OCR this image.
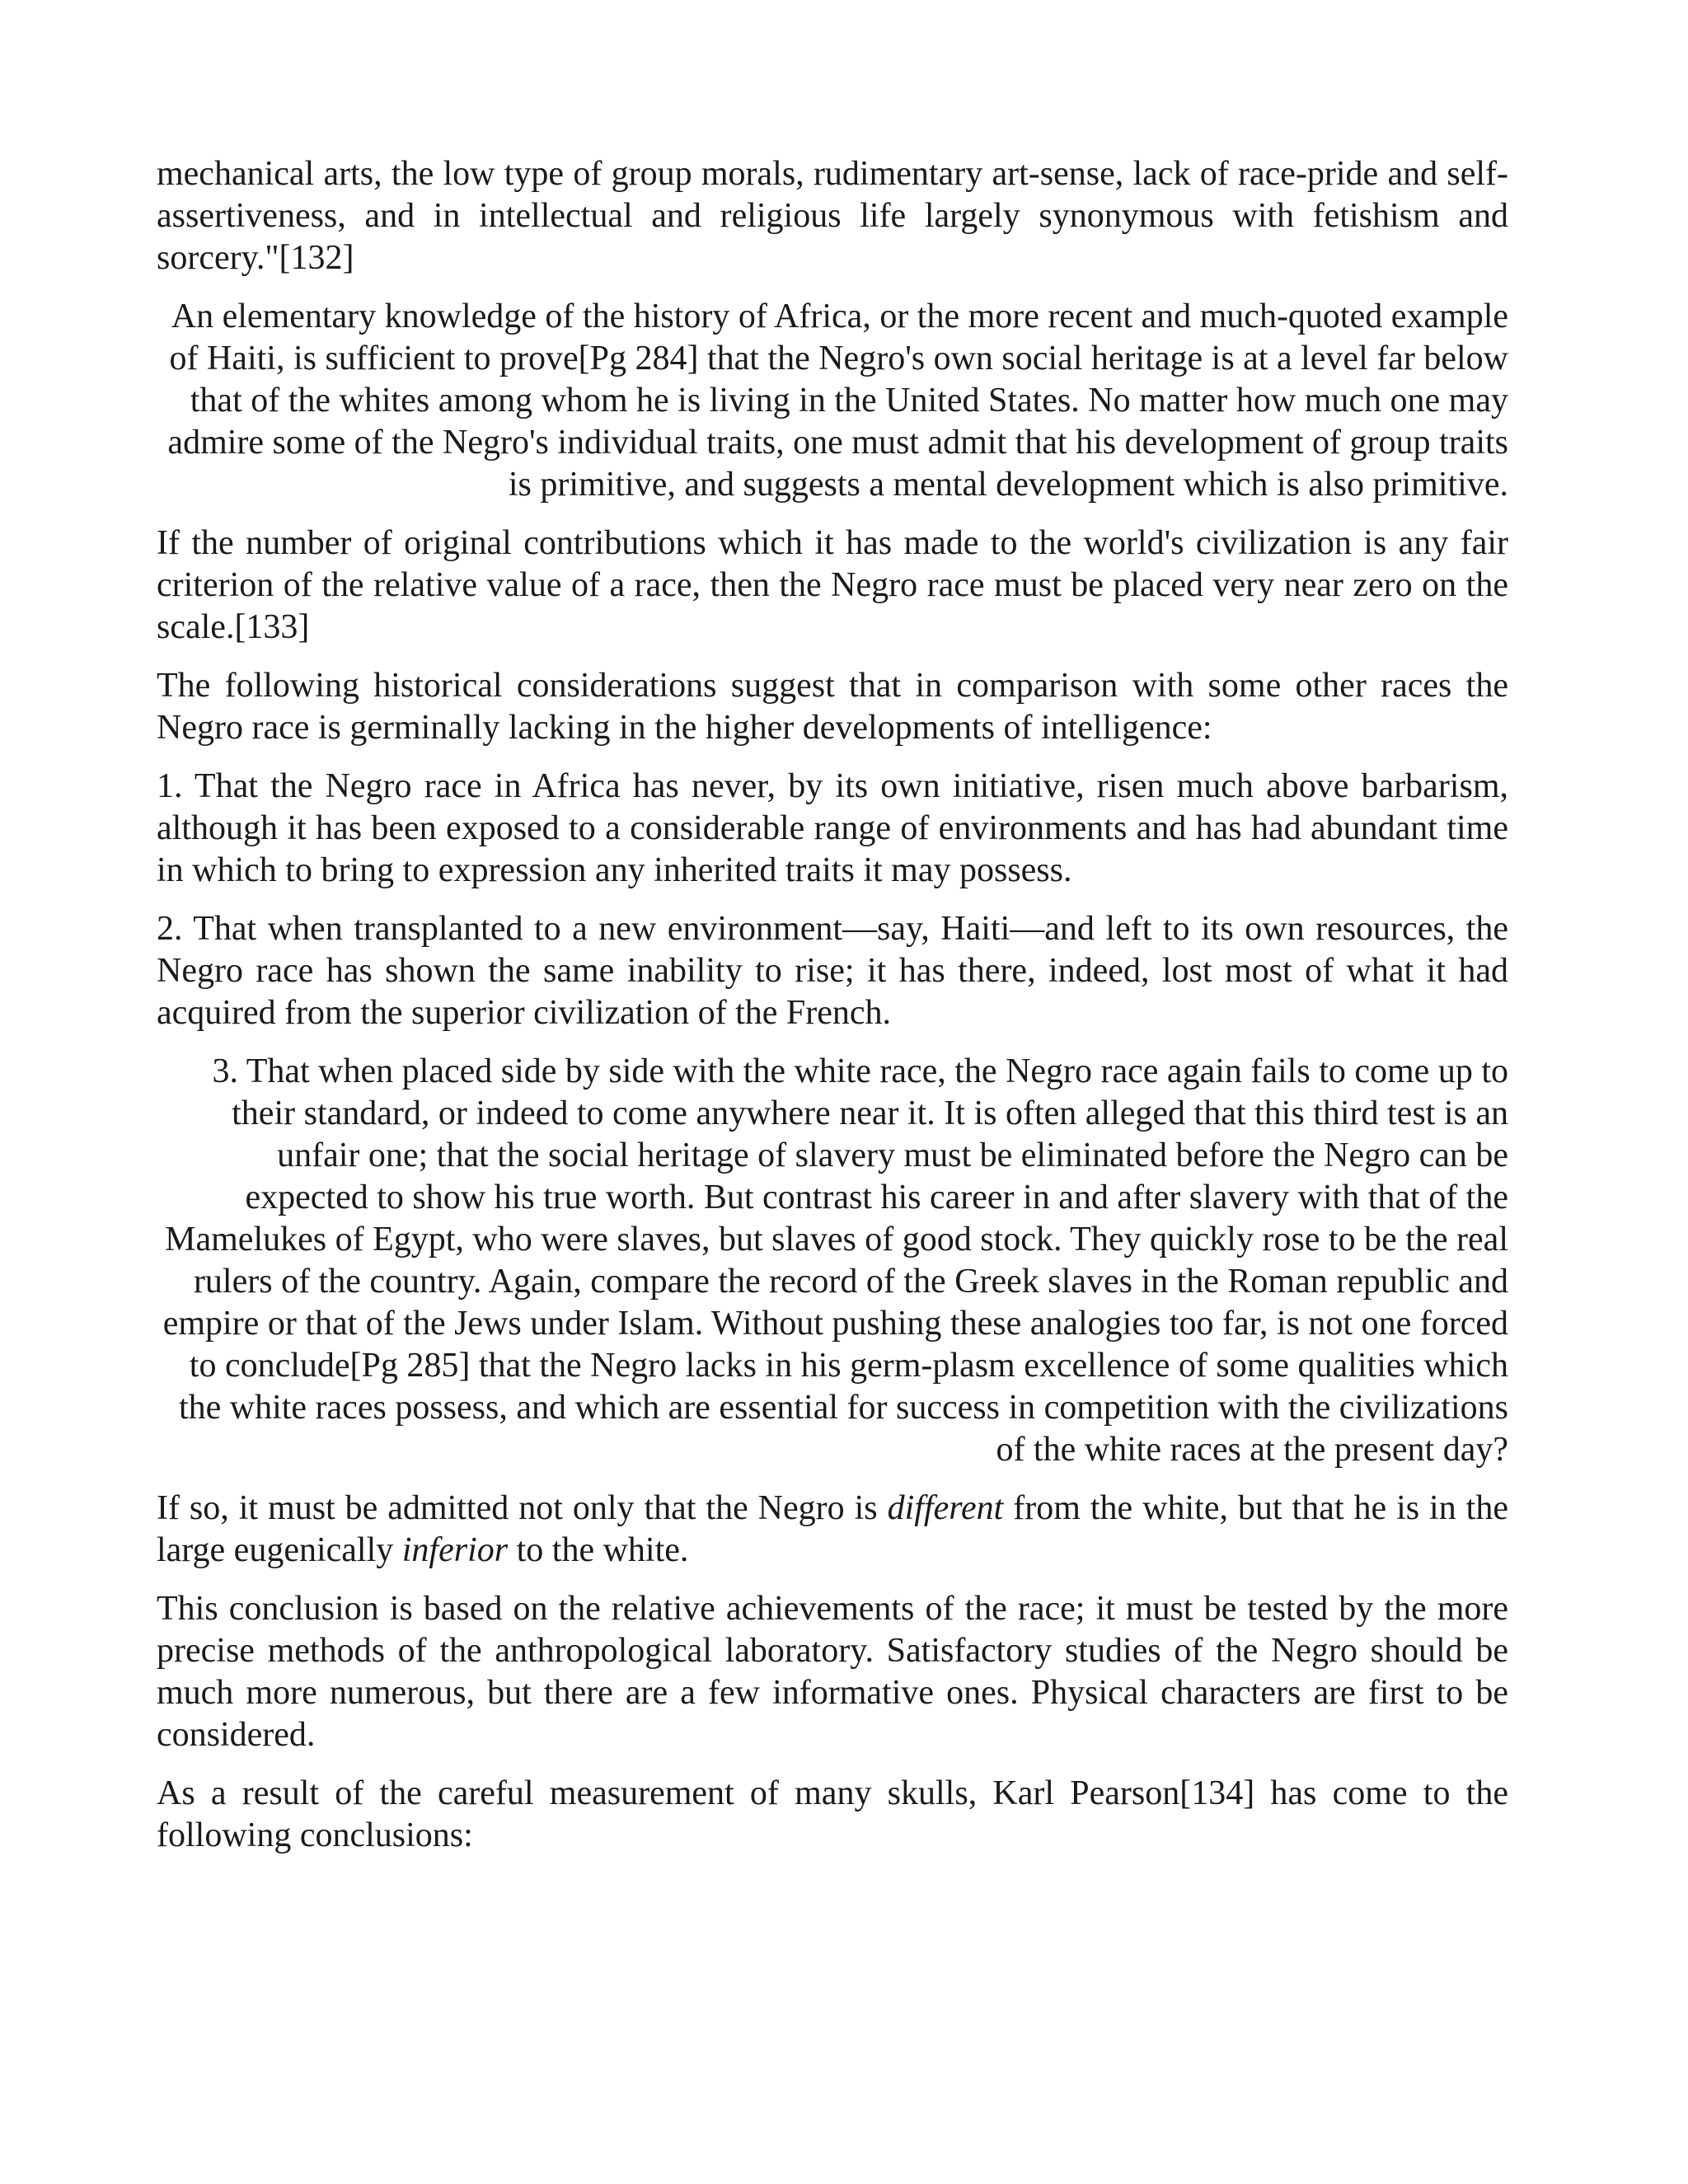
mechanical arts, the low type of group morals, rudimentary art-sense, lack of race-pride and self-assertiveness, and in intellectual and religious life largely synonymous with fetishism and sorcery."[132]

An elementary knowledge of the history of Africa, or the more recent and much-quoted example of Haiti, is sufficient to prove[Pg 284] that the Negro's own social heritage is at a level far below that of the whites among whom he is living in the United States. No matter how much one may admire some of the Negro's individual traits, one must admit that his development of group traits is primitive, and suggests a mental development which is also primitive.

If the number of original contributions which it has made to the world's civilization is any fair criterion of the relative value of a race, then the Negro race must be placed very near zero on the scale.[133]

The following historical considerations suggest that in comparison with some other races the Negro race is germinally lacking in the higher developments of intelligence:

1. That the Negro race in Africa has never, by its own initiative, risen much above barbarism, although it has been exposed to a considerable range of environments and has had abundant time in which to bring to expression any inherited traits it may possess.

2. That when transplanted to a new environment—say, Haiti—and left to its own resources, the Negro race has shown the same inability to rise; it has there, indeed, lost most of what it had acquired from the superior civilization of the French.

3. That when placed side by side with the white race, the Negro race again fails to come up to their standard, or indeed to come anywhere near it. It is often alleged that this third test is an unfair one; that the social heritage of slavery must be eliminated before the Negro can be expected to show his true worth. But contrast his career in and after slavery with that of the Mamelukes of Egypt, who were slaves, but slaves of good stock. They quickly rose to be the real rulers of the country. Again, compare the record of the Greek slaves in the Roman republic and empire or that of the Jews under Islam. Without pushing these analogies too far, is not one forced to conclude[Pg 285] that the Negro lacks in his germ-plasm excellence of some qualities which the white races possess, and which are essential for success in competition with the civilizations of the white races at the present day?

If so, it must be admitted not only that the Negro is different from the white, but that he is in the large eugenically inferior to the white.

This conclusion is based on the relative achievements of the race; it must be tested by the more precise methods of the anthropological laboratory. Satisfactory studies of the Negro should be much more numerous, but there are a few informative ones. Physical characters are first to be considered.

As a result of the careful measurement of many skulls, Karl Pearson[134] has come to the following conclusions:
